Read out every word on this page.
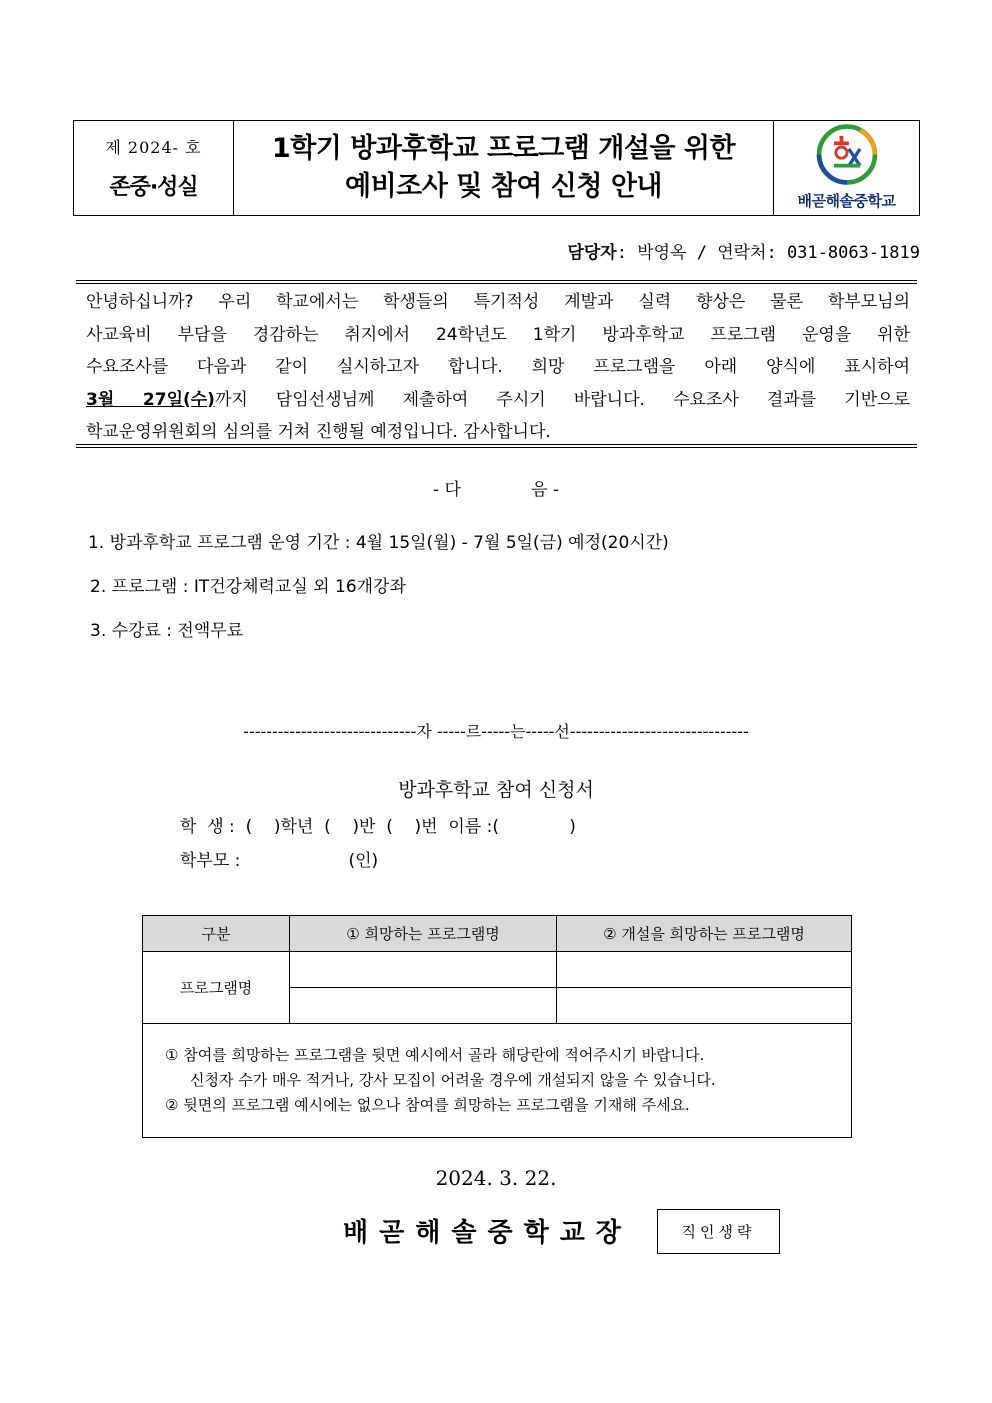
제 2024- 호
존중·성실
1학기 방과후학교 프로그램 개설을 위한
예비조사 및 참여 신청 안내	배곧해솔중학교
담당자: 박영옥 / 연락처: 031-8063-1819
안녕하십니까? 우리 학교에서는 학생들의 특기적성 계발과 실력 향상은 물론 학부모님의
사교육비 부담을 경감하는 취지에서 24학년도 1학기 방과후학교 프로그램 운영을 위한
수요조사를 다음과 같이 실시하고자 합니다. 희망 프로그램을 아래 양식에 표시하여
3월 27일(수)까지 담임선생님께 제출하여 주시기 바랍니다. 수요조사 결과를 기반으로
학교운영위원회의 심의를 거쳐 진행될 예정입니다. 감사합니다.
- 다             음 -
1. 방과후학교 프로그램 운영 기간 : 4월 15일(월) - 7월 5일(금) 예정(20시간)
2. 프로그램 : IT건강체력교실 외 16개강좌
3. 수강료 : 전액무료
------------------------------자 -----르-----는-----선-------------------------------
방과후학교 참여 신청서
학  생 :  (    )학년  (    )반  (    )번  이름 :(             )
학부모 :                    (인)
구분	① 희망하는 프로그램명	② 개설을 희망하는 프로그램명
프로그램명		

① 참여를 희망하는 프로그램을 뒷면 예시에서 골라 해당란에 적어주시기 바랍니다.
신청자 수가 매우 적거나, 강사 모집이 어려울 경우에 개설되지 않을 수 있습니다.
② 뒷면의 프로그램 예시에는 없으나 참여를 희망하는 프로그램을 기재해 주세요.		
2024. 3. 22.
배곧해솔중학교장	직인생략
